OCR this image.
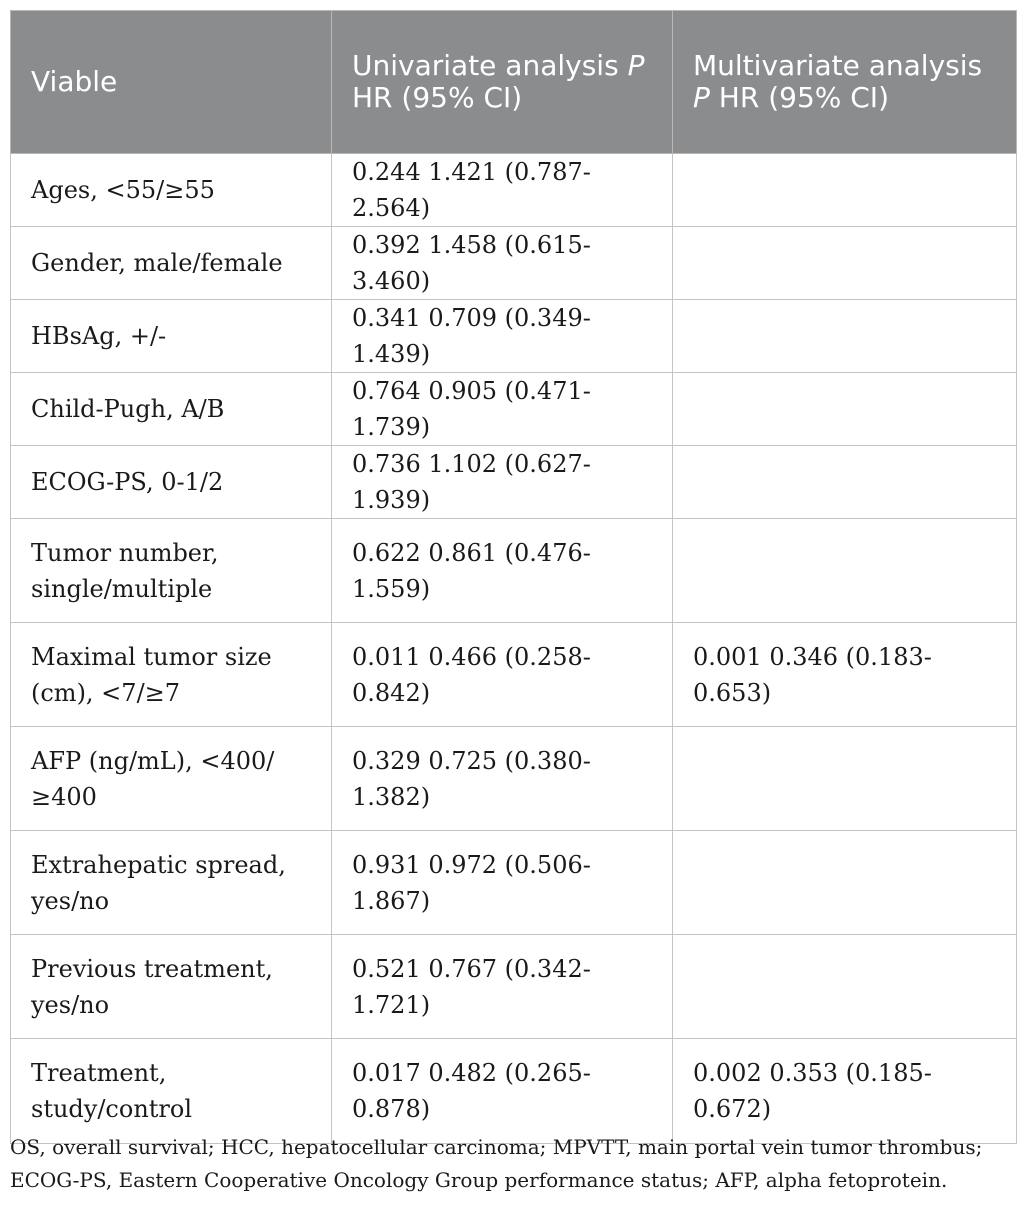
Viable	Univariate analysis P HR (95% CI)	Multivariate analysis P HR (95% CI)
Ages, <55/≥55	0.244 1.421 (0.787-2.564)	
Gender, male/female	0.392 1.458 (0.615-3.460)	
HBsAg, +/-	0.341 0.709 (0.349-1.439)	
Child-Pugh, A/B	0.764 0.905 (0.471-1.739)	
ECOG-PS, 0-1/2	0.736 1.102 (0.627-1.939)	
Tumor number, single/multiple	0.622 0.861 (0.476-1.559)	
Maximal tumor size (cm), <7/≥7	0.011 0.466 (0.258-0.842)	0.001 0.346 (0.183-0.653)
AFP (ng/mL), <400/≥400	0.329 0.725 (0.380-1.382)	
Extrahepatic spread, yes/no	0.931 0.972 (0.506-1.867)	
Previous treatment, yes/no	0.521 0.767 (0.342-1.721)	
Treatment, study/control	0.017 0.482 (0.265-0.878)	0.002 0.353 (0.185-0.672)

OS, overall survival; HCC, hepatocellular carcinoma; MPVTT, main portal vein tumor thrombus; ECOG-PS, Eastern Cooperative Oncology Group performance status; AFP, alpha fetoprotein.
